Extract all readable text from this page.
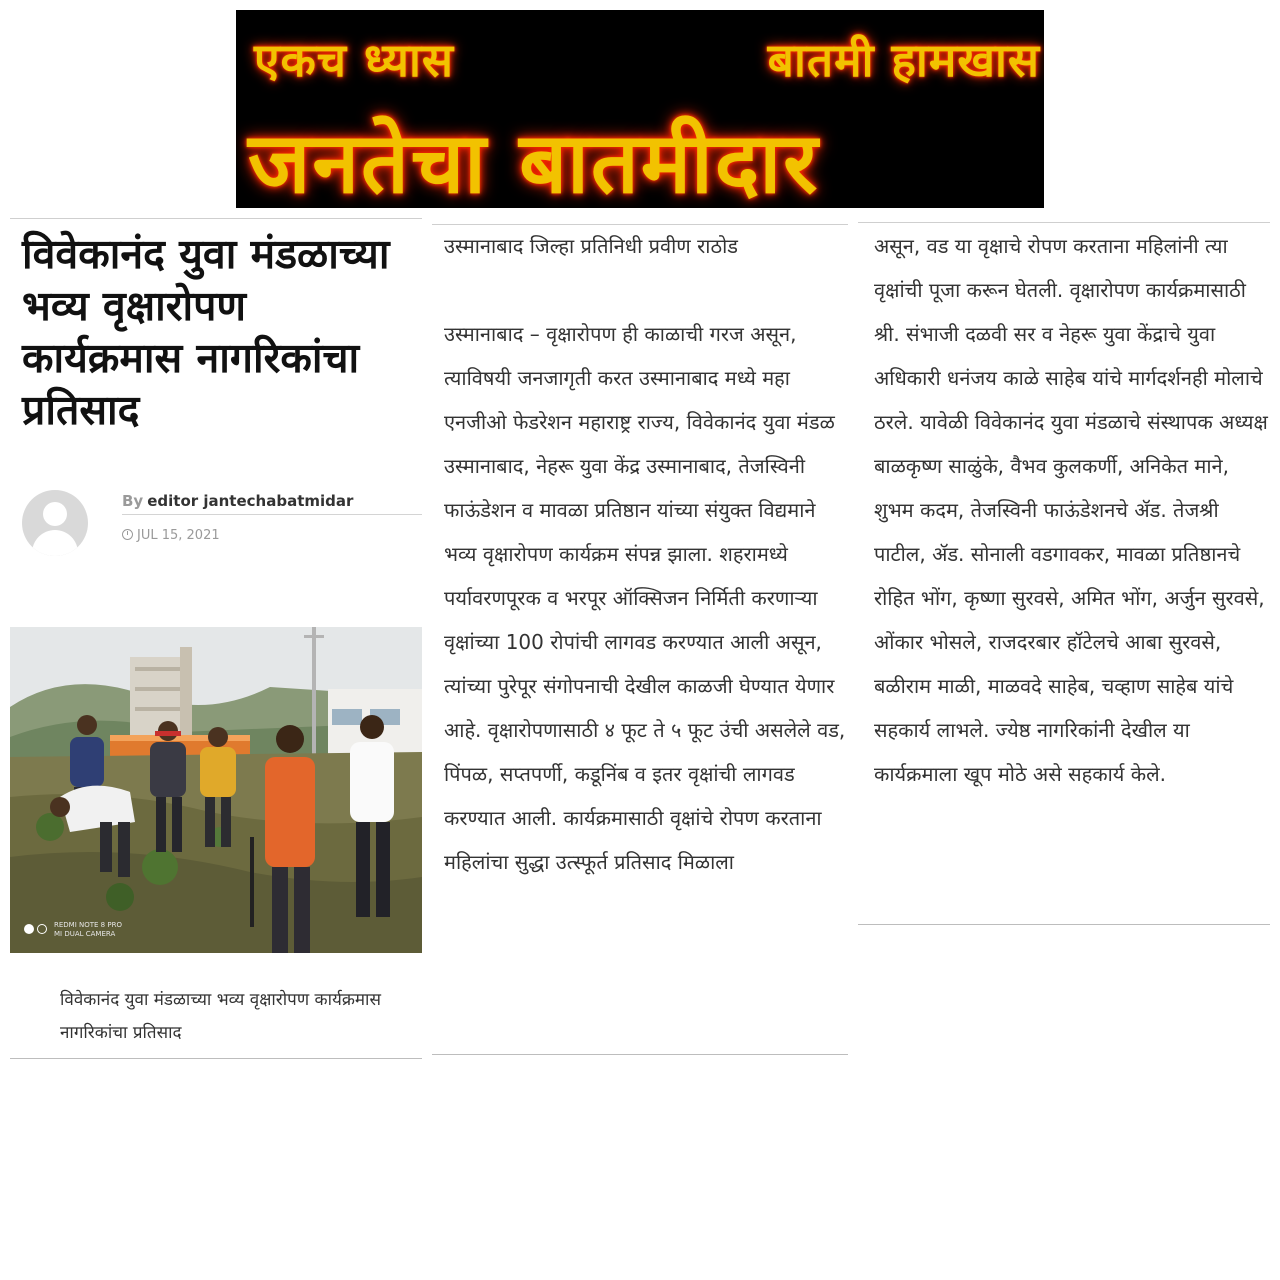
एकच ध्यास	बातमी हामखास
जनतेचा बातमीदार
विवेकानंद युवा मंडळाच्या भव्य वृक्षारोपण कार्यक्रमास नागरिकांचा प्रतिसाद
By editor jantechabatmidar
JUL 15, 2021
REDMI NOTE 8 PRO
MI DUAL CAMERA

विवेकानंद युवा मंडळाच्या भव्य वृक्षारोपण कार्यक्रमास नागरिकांचा प्रतिसाद

उस्मानाबाद जिल्हा प्रतिनिधी प्रवीण राठोड
उस्मानाबाद – वृक्षारोपण ही काळाची गरज असून, त्याविषयी जनजागृती करत उस्मानाबाद मध्ये महा एनजीओ फेडरेशन महाराष्ट्र राज्य, विवेकानंद युवा मंडळ उस्मानाबाद, नेहरू युवा केंद्र उस्मानाबाद, तेजस्विनी फाऊंडेशन व मावळा प्रतिष्ठान यांच्या संयुक्त विद्यमाने भव्य वृक्षारोपण कार्यक्रम संपन्न झाला. शहरामध्ये पर्यावरणपूरक व भरपूर ऑक्सिजन निर्मिती करणाऱ्या वृक्षांच्या 100 रोपांची लागवड करण्यात आली असून, त्यांच्या पुरेपूर संगोपनाची देखील काळजी घेण्यात येणार आहे. वृक्षारोपणासाठी ४ फूट ते ५ फूट उंची असलेले वड, पिंपळ, सप्तपर्णी, कडूनिंब व इतर वृक्षांची लागवड करण्यात आली. कार्यक्रमासाठी वृक्षांचे रोपण करताना महिलांचा सुद्धा उत्स्फूर्त प्रतिसाद मिळाला
असून, वड या वृक्षाचे रोपण करताना महिलांनी त्या वृक्षांची पूजा करून घेतली. वृक्षारोपण कार्यक्रमासाठी श्री. संभाजी दळवी सर व नेहरू युवा केंद्राचे युवा अधिकारी धनंजय काळे साहेब यांचे मार्गदर्शनही मोलाचे ठरले. यावेळी विवेकानंद युवा मंडळाचे संस्थापक अध्यक्ष बाळकृष्ण साळुंके, वैभव कुलकर्णी, अनिकेत माने, शुभम कदम, तेजस्विनी फाऊंडेशनचे ॲड. तेजश्री पाटील, ॲड. सोनाली वडगावकर, मावळा प्रतिष्ठानचे रोहित भोंग, कृष्णा सुरवसे, अमित भोंग, अर्जुन सुरवसे, ओंकार भोसले, राजदरबार हॉटेलचे आबा सुरवसे, बळीराम माळी, माळवदे साहेब, चव्हाण साहेब यांचे सहकार्य लाभले. ज्येष्ठ नागरिकांनी देखील या कार्यक्रमाला खूप मोठे असे सहकार्य केले.
